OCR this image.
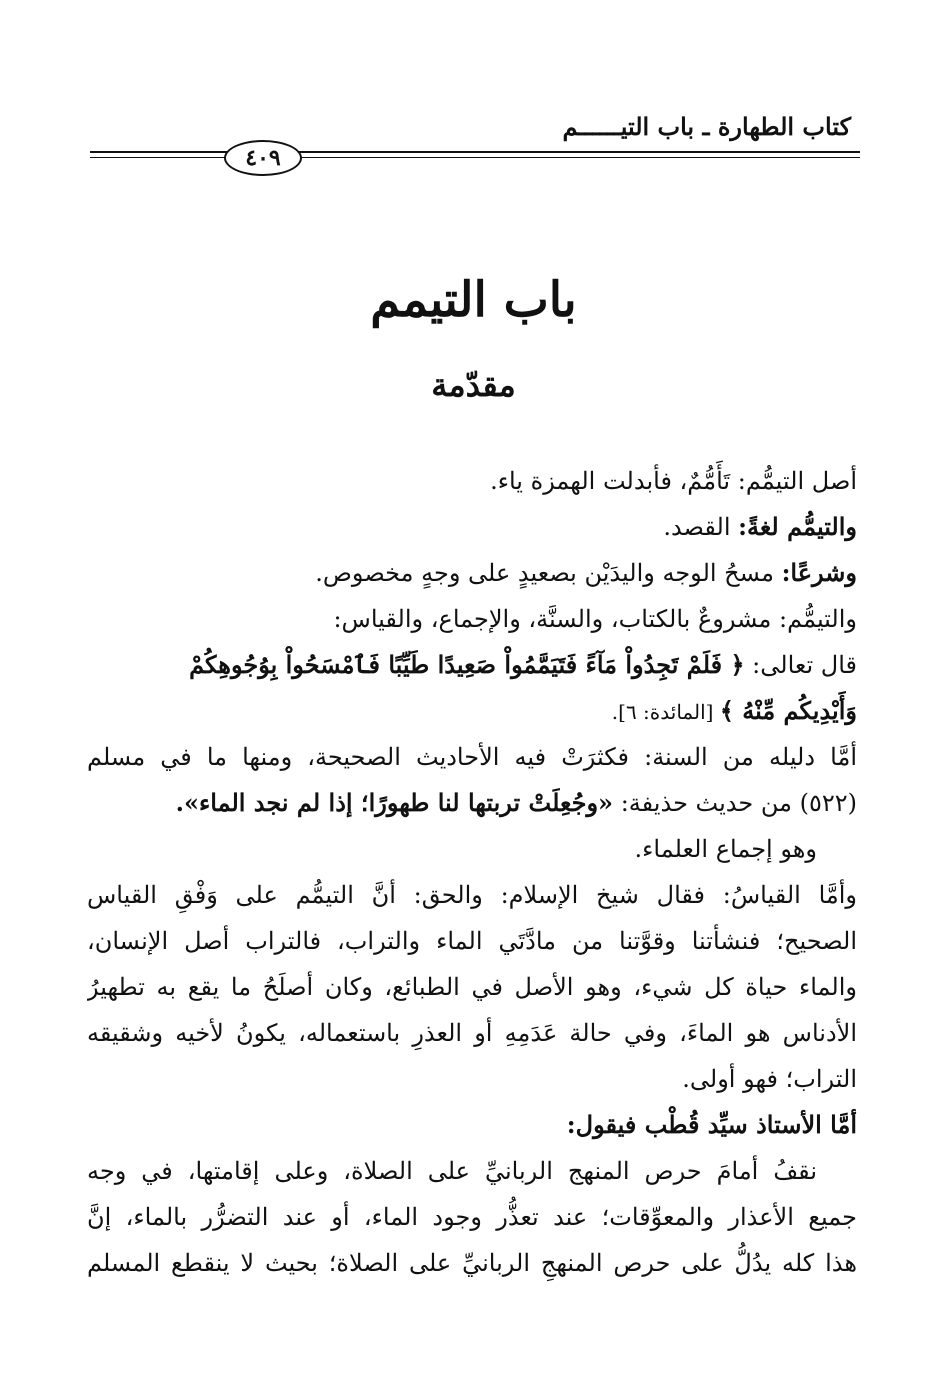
كتاب الطهارة ـ باب التيــــــم
٤٠٩
باب التيمم
مقدّمة
أصل التيمُّم: تَأَمُّمٌ، فأبدلت الهمزة ياء.
والتيمُّم لغةً: القصد.
وشرعًا: مسحُ الوجه واليدَيْن بصعيدٍ على وجهٍ مخصوص.
والتيمُّم: مشروعٌ بالكتاب، والسنَّة، والإجماع، والقياس:
قال تعالى: ﴿ فَلَمْ تَجِدُواْ مَآءً فَتَيَمَّمُواْ صَعِيدًا طَيِّبًا فَٱمْسَحُواْ بِوُجُوهِكُمْ
وَأَيْدِيكُم مِّنْهُ ﴾ [المائدة: ٦].
أمَّا دليله من السنة: فكثرَتْ فيه الأحاديث الصحيحة، ومنها ما في مسلم
(٥٢٢) من حديث حذيفة: «وجُعِلَتْ تربتها لنا طهورًا؛ إذا لم نجد الماء».
وهو إجماع العلماء.
وأمَّا القياسُ: فقال شيخ الإسلام: والحق: أنَّ التيمُّم على وَفْقِ القياس
الصحيح؛ فنشأتنا وقوَّتنا من مادَّتَي الماء والتراب، فالتراب أصل الإنسان،
والماء حياة كل شيء، وهو الأصل في الطبائع، وكان أصلَحُ ما يقع به تطهيرُ
الأدناس هو الماءَ، وفي حالة عَدَمِهِ أو العذرِ باستعماله، يكونُ لأخيه وشقيقه
التراب؛ فهو أولى.
أمَّا الأستاذ سيِّد قُطْب فيقول:
نقفُ أمامَ حرص المنهج الربانيِّ على الصلاة، وعلى إقامتها، في وجه
جميع الأعذار والمعوِّقات؛ عند تعذُّر وجود الماء، أو عند التضرُّر بالماء، إنَّ
هذا كله يدُلُّ على حرص المنهجِ الربانيِّ على الصلاة؛ بحيث لا ينقطع المسلم
